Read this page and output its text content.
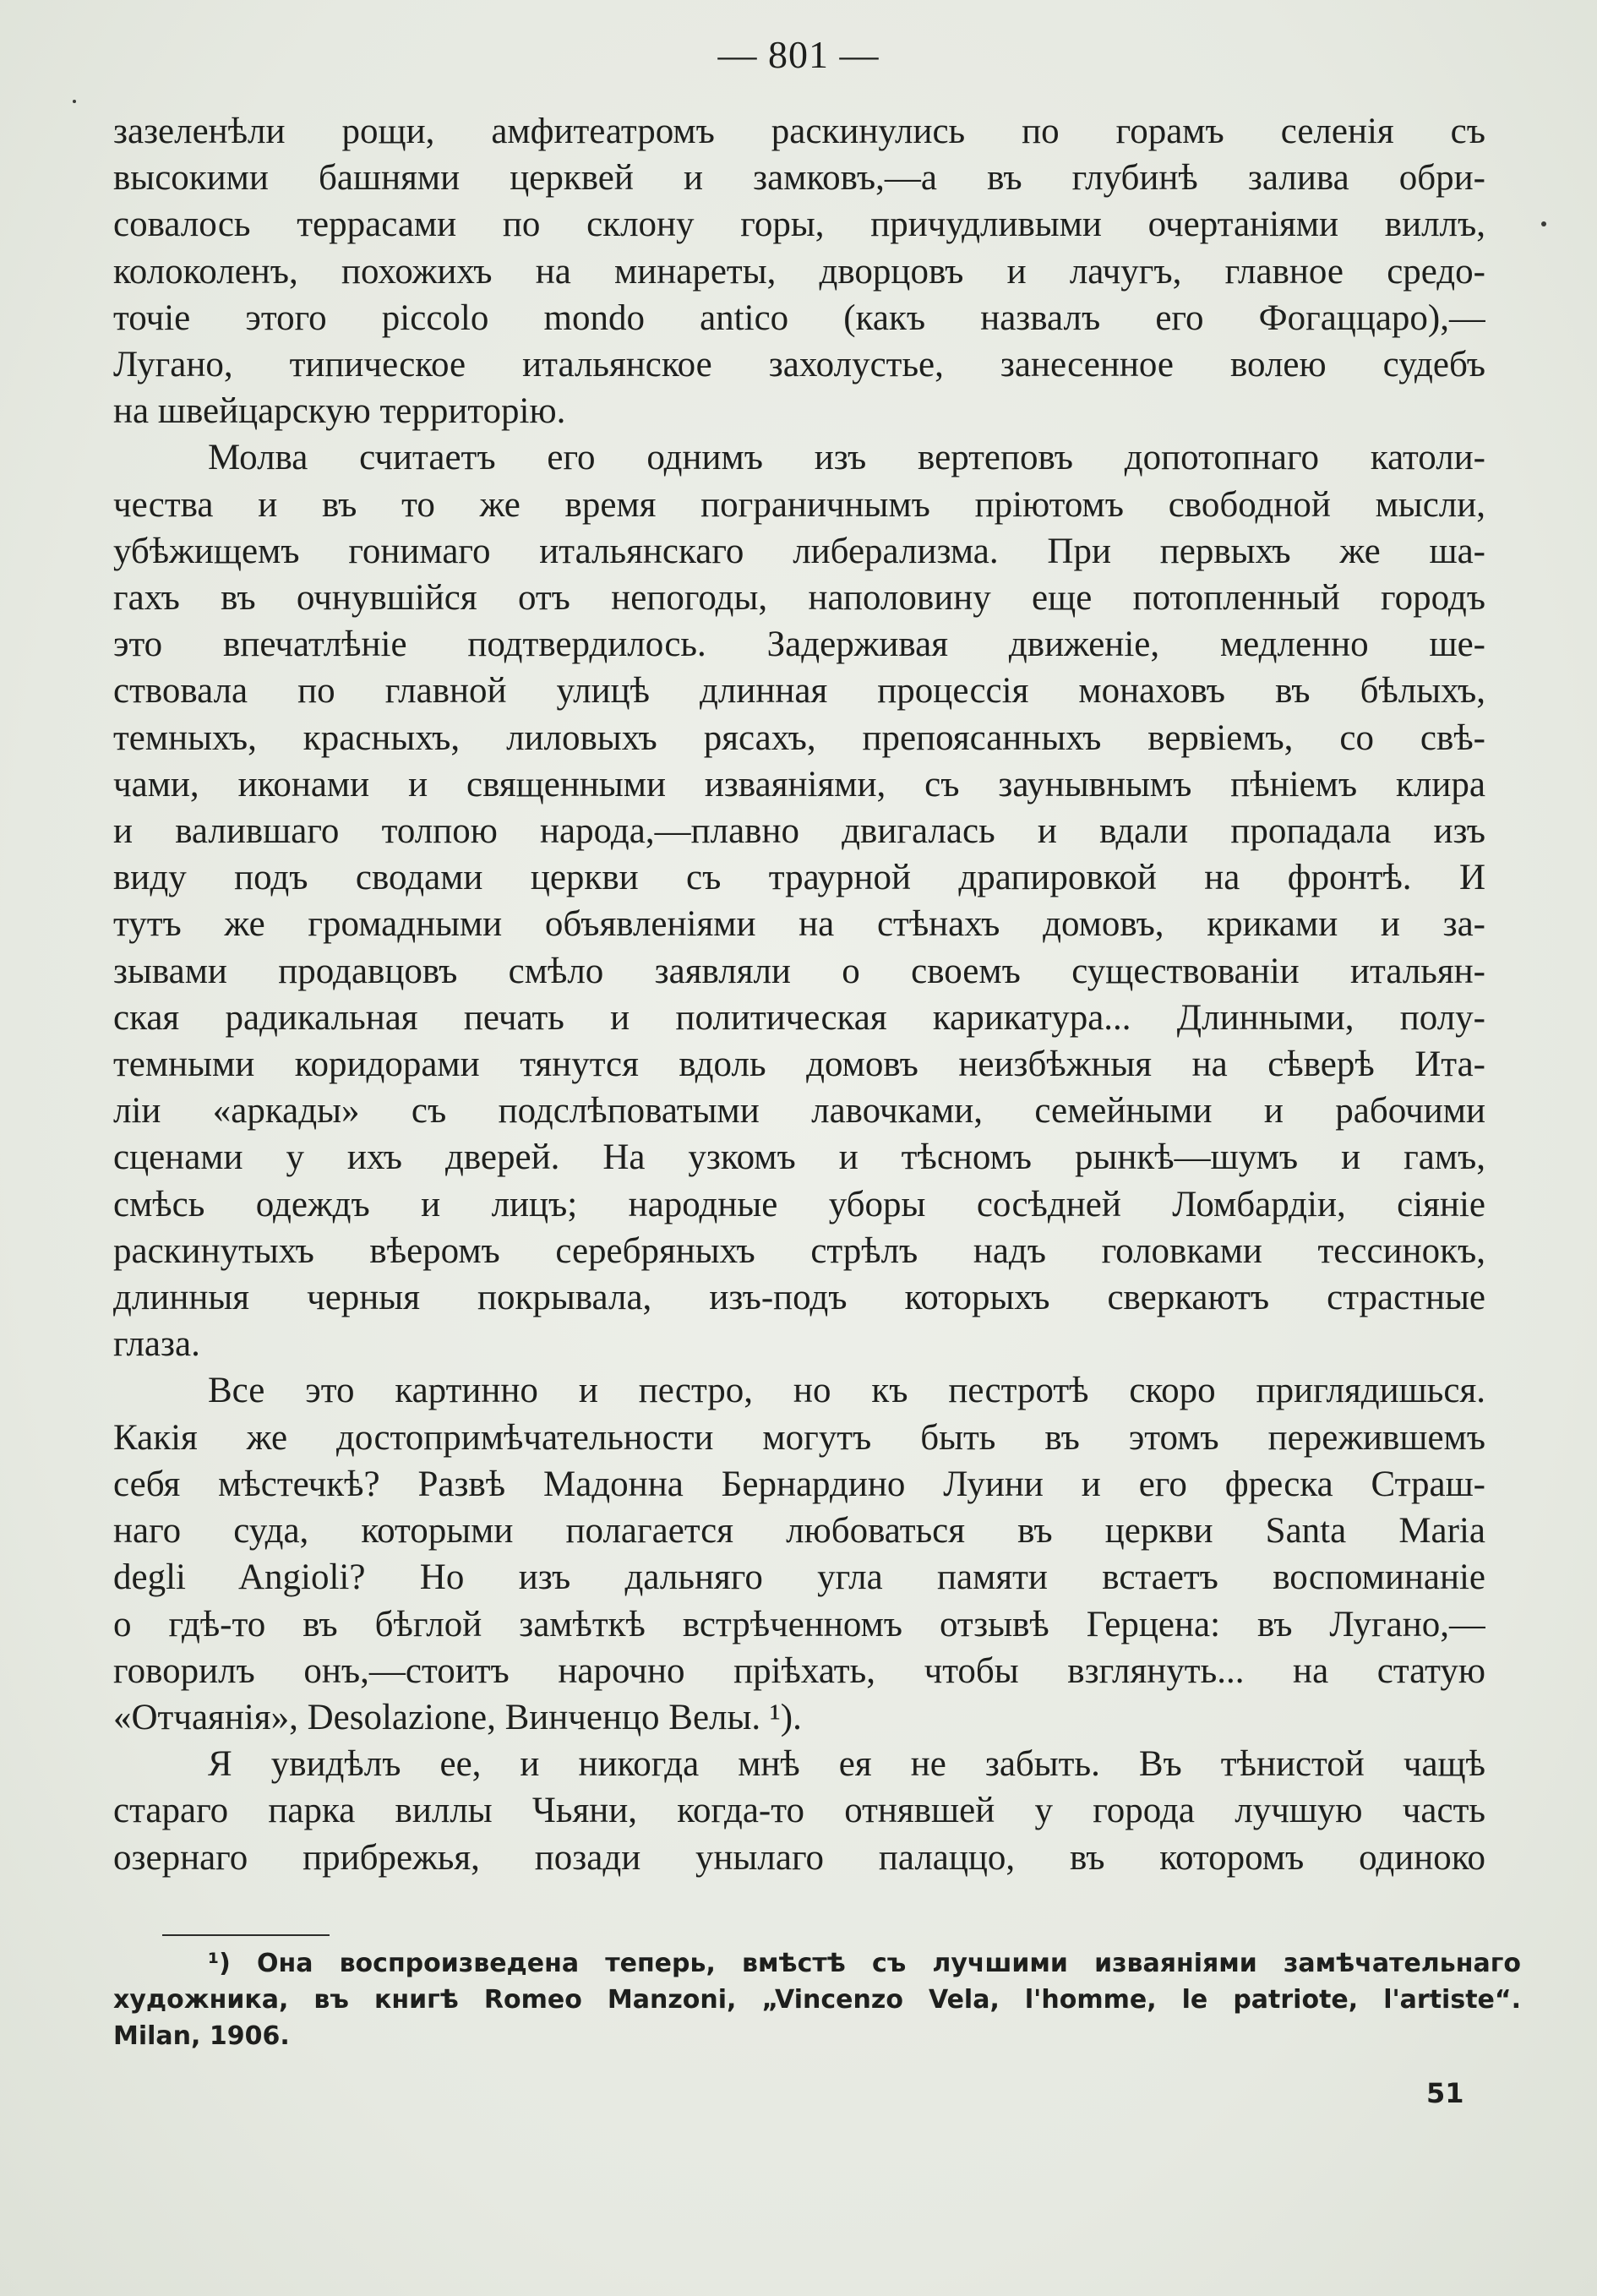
— 801 —
зазеленѣли рощи, амфитеатромъ раскинулись по горамъ селенія съ
высокими башнями церквей и замковъ,—а въ глубинѣ залива обри-
совалось террасами по склону горы, причудливыми очертаніями виллъ,
колоколенъ, похожихъ на минареты, дворцовъ и лачугъ, главное средо-
точіе этого piccolo mondo antico (какъ назвалъ его Фогаццаро),—
Лугано, типическое итальянское захолустье, занесенное волею судебъ
на швейцарскую территорію.
Молва считаетъ его однимъ изъ вертеповъ допотопнаго католи-
чества и въ то же время пограничнымъ пріютомъ свободной мысли,
убѣжищемъ гонимаго итальянскаго либерализма. При первыхъ же ша-
гахъ въ очнувшійся отъ непогоды, наполовину еще потопленный городъ
это впечатлѣніе подтвердилось. Задерживая движеніе, медленно ше-
ствовала по главной улицѣ длинная процессія монаховъ въ бѣлыхъ,
темныхъ, красныхъ, лиловыхъ рясахъ, препоясанныхъ вервіемъ, со свѣ-
чами, иконами и священными изваяніями, съ заунывнымъ пѣніемъ клира
и валившаго толпою народа,—плавно двигалась и вдали пропадала изъ
виду подъ сводами церкви съ траурной драпировкой на фронтѣ. И
тутъ же громадными объявленіями на стѣнахъ домовъ, криками и за-
зывами продавцовъ смѣло заявляли о своемъ существованіи итальян-
ская радикальная печать и политическая карикатура... Длинными, полу-
темными коридорами тянутся вдоль домовъ неизбѣжныя на сѣверѣ Ита-
ліи «аркады» съ подслѣповатыми лавочками, семейными и рабочими
сценами у ихъ дверей. На узкомъ и тѣсномъ рынкѣ—шумъ и гамъ,
смѣсь одеждъ и лицъ; народные уборы сосѣдней Ломбардіи, сіяніе
раскинутыхъ вѣеромъ серебряныхъ стрѣлъ надъ головками тессинокъ,
длинныя черныя покрывала, изъ-подъ которыхъ сверкаютъ страстные
глаза.
Все это картинно и пестро, но къ пестротѣ скоро приглядишься.
Какія же достопримѣчательности могутъ быть въ этомъ пережившемъ
себя мѣстечкѣ? Развѣ Мадонна Бернардино Луини и его фреска Страш-
наго суда, которыми полагается любоваться въ церкви Santa Maria
degli Angioli? Но изъ дальняго угла памяти встаетъ воспоминаніе
о гдѣ-то въ бѣглой замѣткѣ встрѣченномъ отзывѣ Герцена: въ Лугано,—
говорилъ онъ,—стоитъ нарочно пріѣхать, чтобы взглянуть... на статую
«Отчаянія», Desolazione, Винченцо Велы. ¹).
Я увидѣлъ ее, и никогда мнѣ ея не забыть. Въ тѣнистой чащѣ
стараго парка виллы Чьяни, когда-то отнявшей у города лучшую часть
озернаго прибрежья, позади унылаго палаццо, въ которомъ одиноко
¹) Она воспроизведена теперь, вмѣстѣ съ лучшими изваяніями замѣчательнаго
художника, въ книгѣ Romeo Manzoni, „Vincenzo Vela, l'homme, le patriote, l'artiste“.
Milan, 1906.
51
